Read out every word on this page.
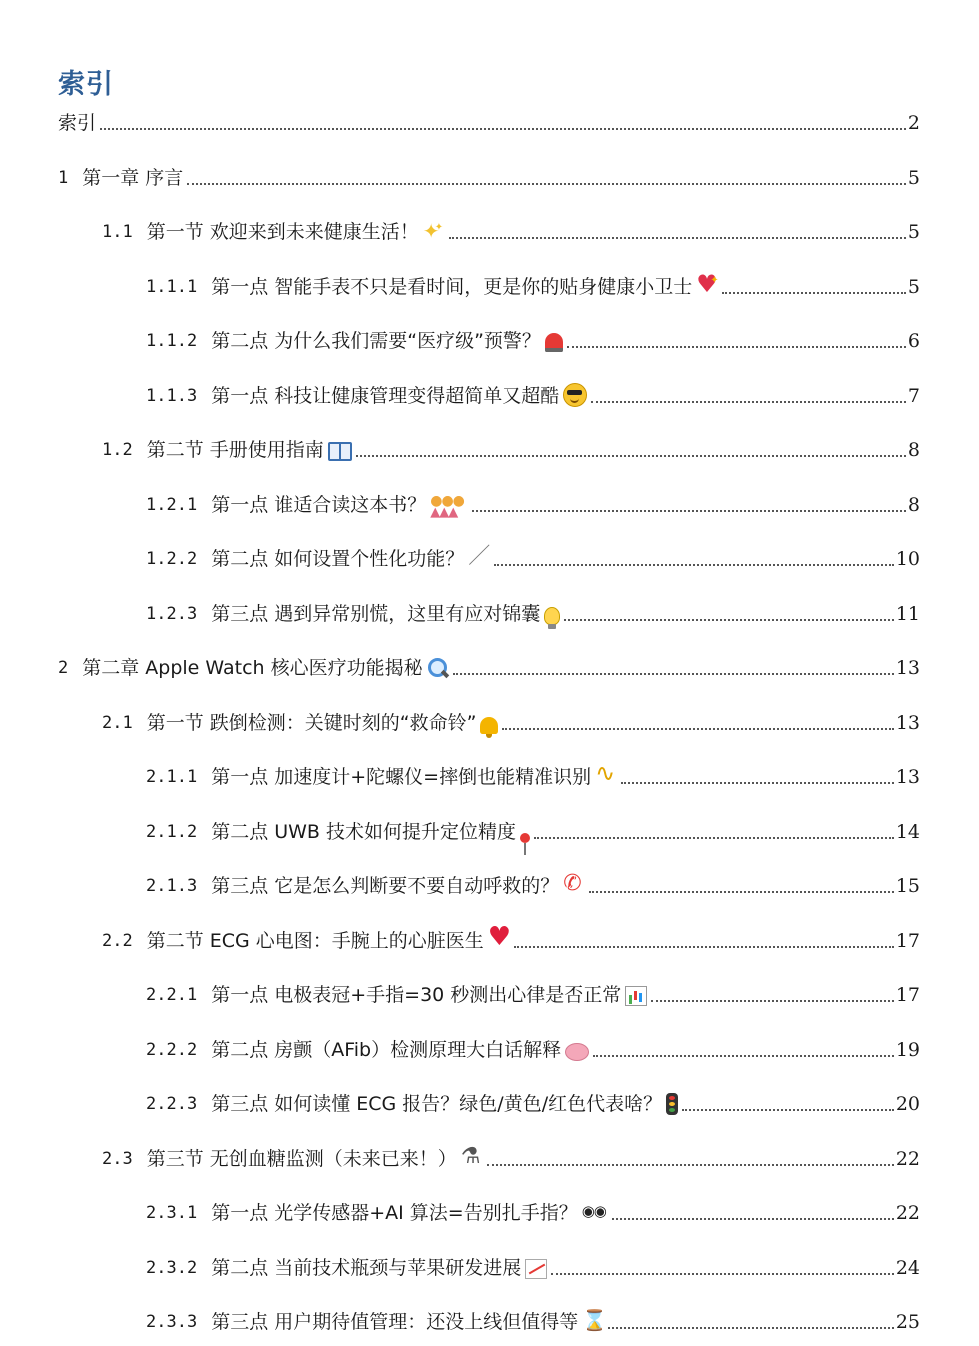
索引
索引	2
1 第一章 序言	5
1.1 第一节 欢迎来到未来健康生活！ ✦ ✦	5
1.1.1 第一点 智能手表不只是看时间，更是你的贴身健康小卫士 ♥ ✦	5
1.1.2 第二点 为什么我们需要“医疗级”预警？	6
1.1.3 第一点 科技让健康管理变得超简单又超酷	7
1.2 第二节 手册使用指南	8
1.2.1 第一点 谁适合读这本书？ ●●● ▲▲▲	8
1.2.2 第二点 如何设置个性化功能？ ／	10
1.2.3 第三点 遇到异常别慌，这里有应对锦囊	11
2 第二章 Apple Watch 核心医疗功能揭秘	13
2.1 第一节 跌倒检测：关键时刻的“救命铃”	13
2.1.1 第一点 加速度计+陀螺仪=摔倒也能精准识别 ∿	13
2.1.2 第二点 UWB 技术如何提升定位精度	14
2.1.3 第三点 它是怎么判断要不要自动呼救的？ ✆	15
2.2 第二节 ECG 心电图：手腕上的心脏医生 ♥	17
2.2.1 第一点 电极表冠+手指=30 秒测出心律是否正常	17
2.2.2 第二点 房颤（AFib）检测原理大白话解释	19
2.2.3 第三点 如何读懂 ECG 报告？绿色/黄色/红色代表啥？	20
2.3 第三节 无创血糖监测（未来已来！） ⚗	22
2.3.1 第一点 光学传感器+AI 算法=告别扎手指？ ◉◉	22
2.3.2 第二点 当前技术瓶颈与苹果研发进展	24
2.3.3 第三点 用户期待值管理：还没上线但值得等 ⌛	25
